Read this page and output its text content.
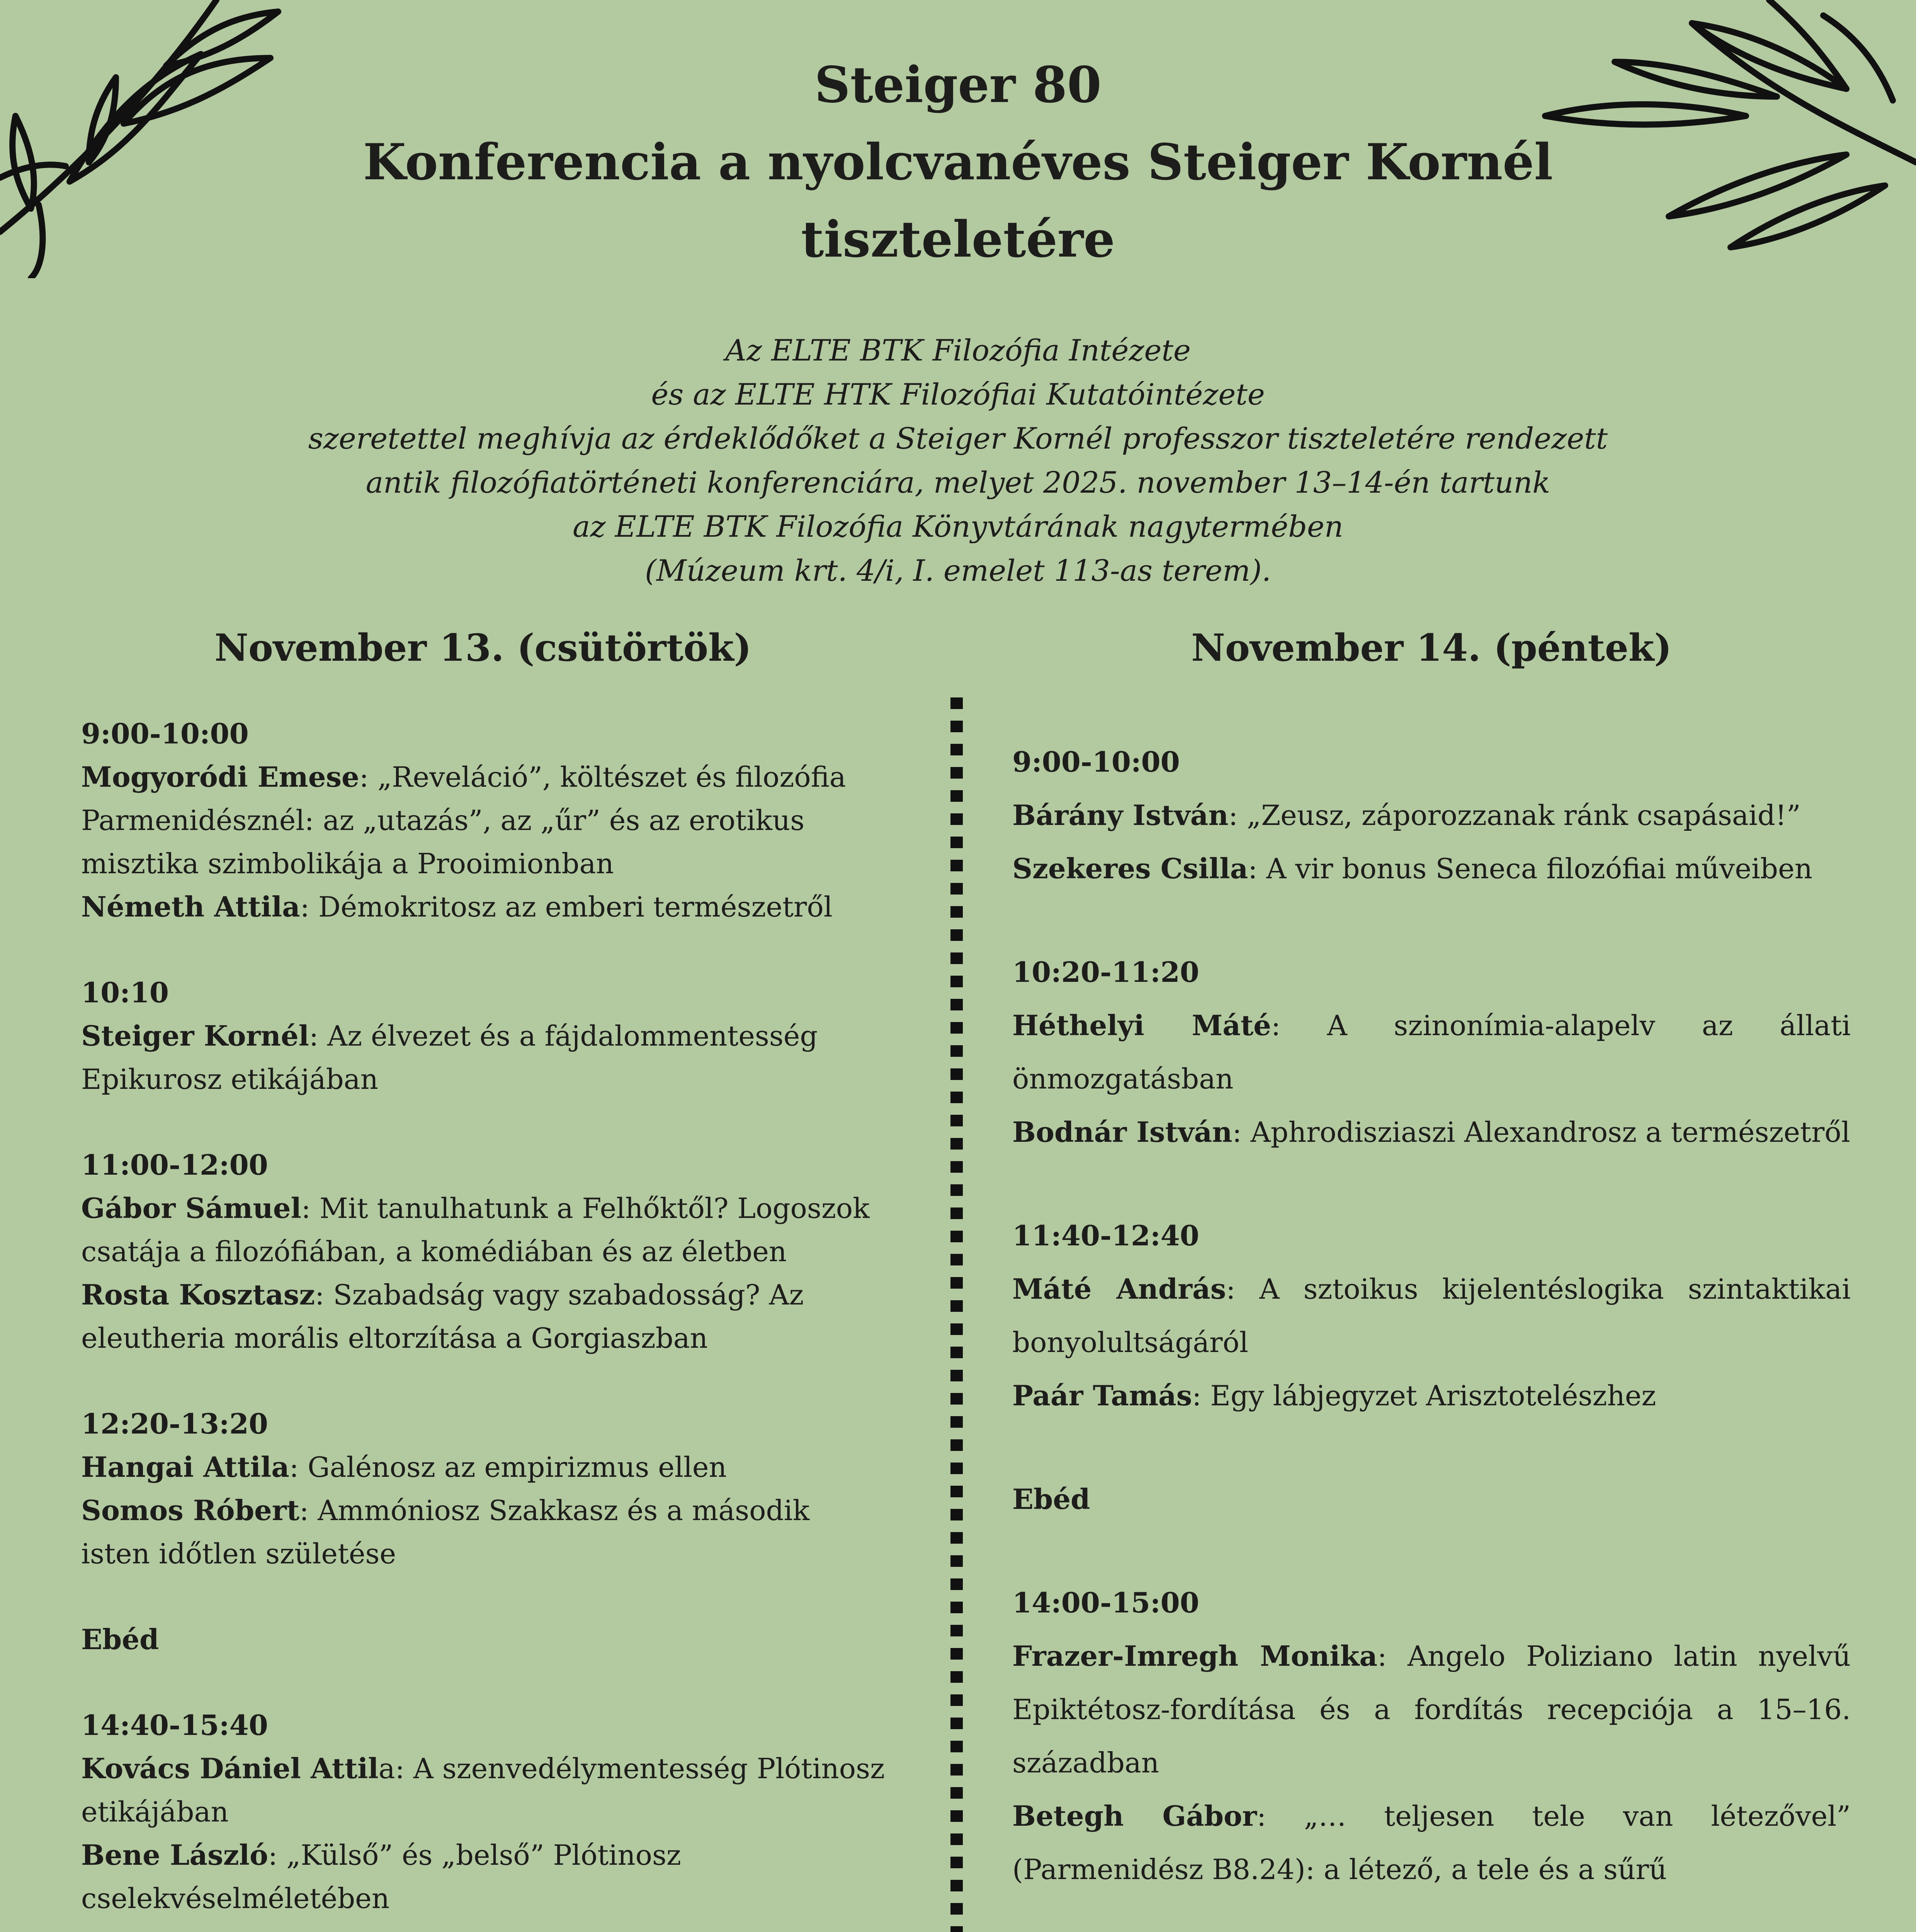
Steiger 80
Konferencia a nyolcvanéves Steiger Kornél
tiszteletére
Az ELTE BTK Filozófia Intézete
és az ELTE HTK Filozófiai Kutatóintézete
szeretettel meghívja az érdeklődőket a Steiger Kornél professzor tiszteletére rendezett
antik filozófiatörténeti konferenciára, melyet 2025. november 13–14-én tartunk
az ELTE BTK Filozófia Könyvtárának nagytermében
(Múzeum krt. 4/i, I. emelet 113-as terem).
November 13. (csütörtök)
9:00-10:00

Mogyoródi Emese: „Reveláció”, költészet és filozófia Parmenidésznél: az „utazás”, az „űr” és az erotikus misztika szimbolikája a Prooimionban

Németh Attila: Démokritosz az emberi természetről

10:10

Steiger Kornél: Az élvezet és a fájdalommentesség Epikurosz etikájában

11:00-12:00

Gábor Sámuel: Mit tanulhatunk a Felhőktől? Logoszok csatája a filozófiában, a komédiában és az életben

Rosta Kosztasz: Szabadság vagy szabadosság? Az eleutheria morális eltorzítása a Gorgiaszban

12:20-13:20

Hangai Attila: Galénosz az empirizmus ellen

Somos Róbert: Ammóniosz Szakkasz és a második isten időtlen születése

Ebéd
14:40-15:40

Kovács Dániel Attila: A szenvedélymentesség Plótinosz etikájában

Bene László: „Külső” és „belső” Plótinosz cselekvéselméletében

November 14. (péntek)
9:00-10:00

Bárány István: „Zeusz, záporozzanak ránk csapásaid!”

Szekeres Csilla: A vir bonus Seneca filozófiai műveiben

10:20-11:20

Héthelyi Máté: A szinonímia-alapelv az állati önmozgatásban

Bodnár István: Aphrodisziaszi Alexandrosz a természetről

11:40-12:40

Máté András: A sztoikus kijelentéslogika szintaktikai bonyolultságáról

Paár Tamás: Egy lábjegyzet Arisztotelészhez

Ebéd
14:00-15:00

Frazer-Imregh Monika: Angelo Poliziano latin nyelvű Epiktétosz-fordítása és a fordítás recepciója a 15–16. században

Betegh Gábor: „… teljesen tele van létezővel” (Parmenidész B8.24): a létező, a tele és a sűrű
